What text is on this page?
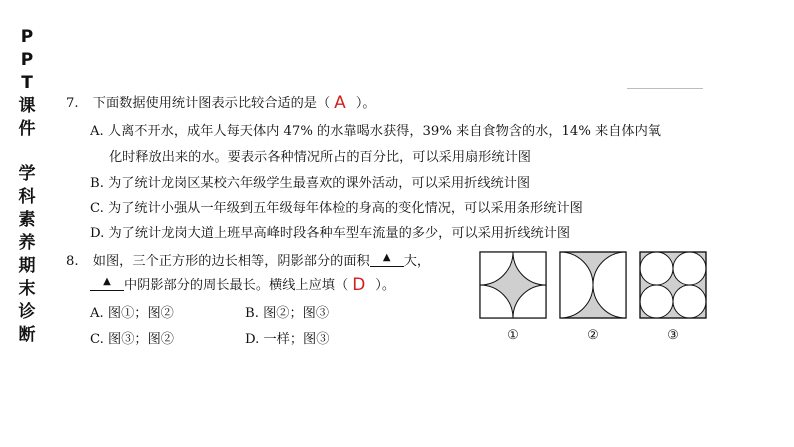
P
P
T
课
件
学
科
素
养
期
末
诊
断
7. 下面数据使用统计图表示比较合适的是（ A ）。
A. 人离不开水，成年人每天体内 47% 的水靠喝水获得，39% 来自食物含的水，14% 来自体内氧
化时释放出来的水。要表示各种情况所占的百分比，可以采用扇形统计图
B. 为了统计龙岗区某校六年级学生最喜欢的课外活动，可以采用折线统计图
C. 为了统计小强从一年级到五年级每年体检的身高的变化情况，可以采用条形统计图
D. 为了统计龙岗大道上班早高峰时段各种车型车流量的多少，可以采用折线统计图
8. 如图，三个正方形的边长相等，阴影部分的面积	▲ 大，
▲ 中阴影部分的周长最长。横线上应填（ D ）。
A. 图①；图②	B. 图②；图③
C. 图③；图②	D. 一样；图③	①	②	③
